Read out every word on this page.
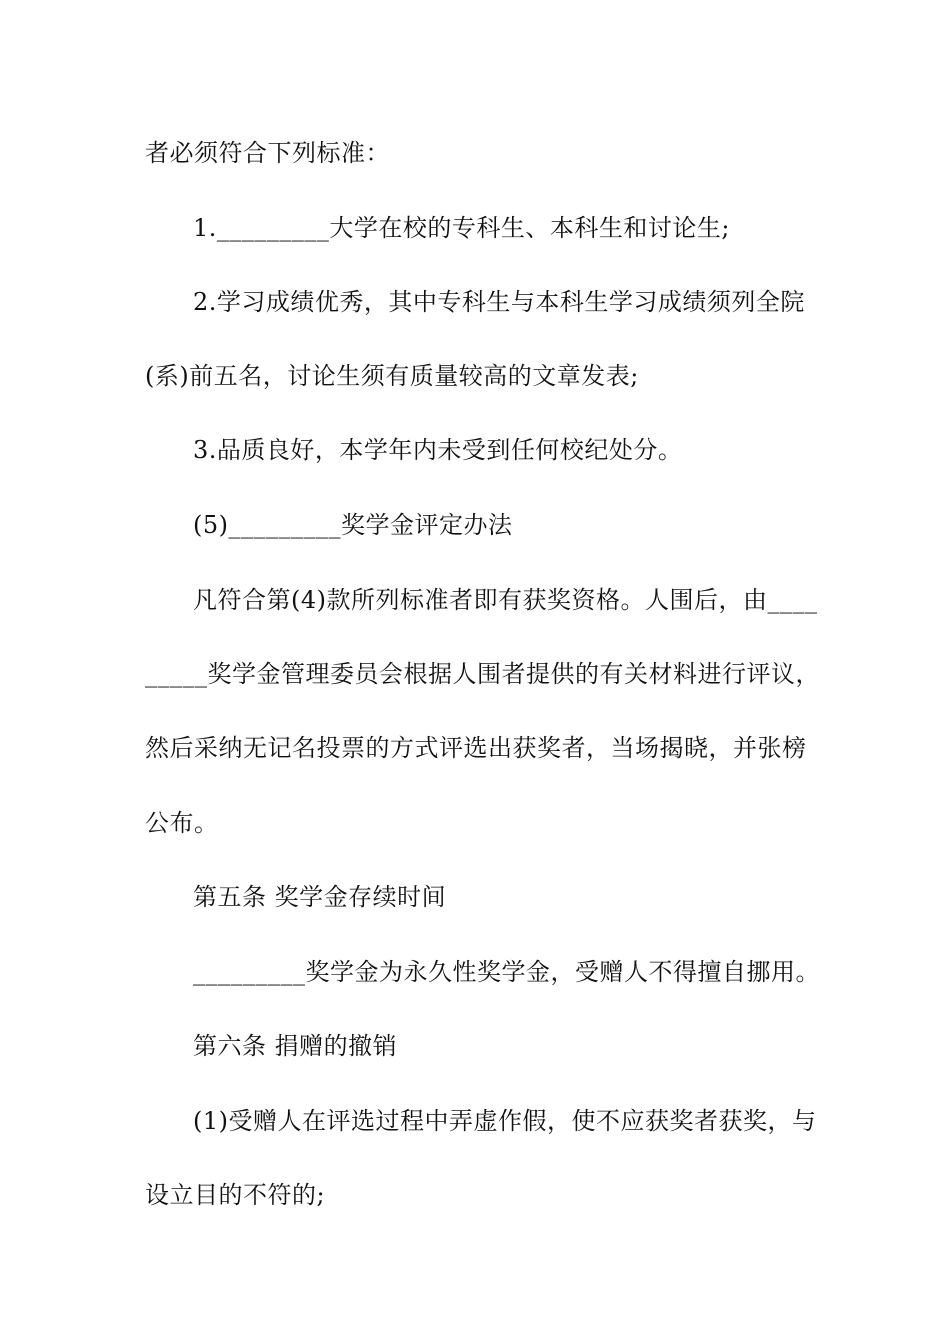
者必须符合下列标准：
1._________大学在校的专科生、本科生和讨论生;
2.学习成绩优秀，其中专科生与本科生学习成绩须列全院
(系)前五名，讨论生须有质量较高的文章发表;
3.品质良好，本学年内未受到任何校纪处分。
(5)_________奖学金评定办法
凡符合第(4)款所列标准者即有获奖资格。人围后，由____
_____奖学金管理委员会根据人围者提供的有关材料进行评议，
然后采纳无记名投票的方式评选出获奖者，当场揭晓，并张榜
公布。
第五条 奖学金存续时间
_________奖学金为永久性奖学金，受赠人不得擅自挪用。
第六条 捐赠的撤销
(1)受赠人在评选过程中弄虚作假，使不应获奖者获奖，与
设立目的不符的;
